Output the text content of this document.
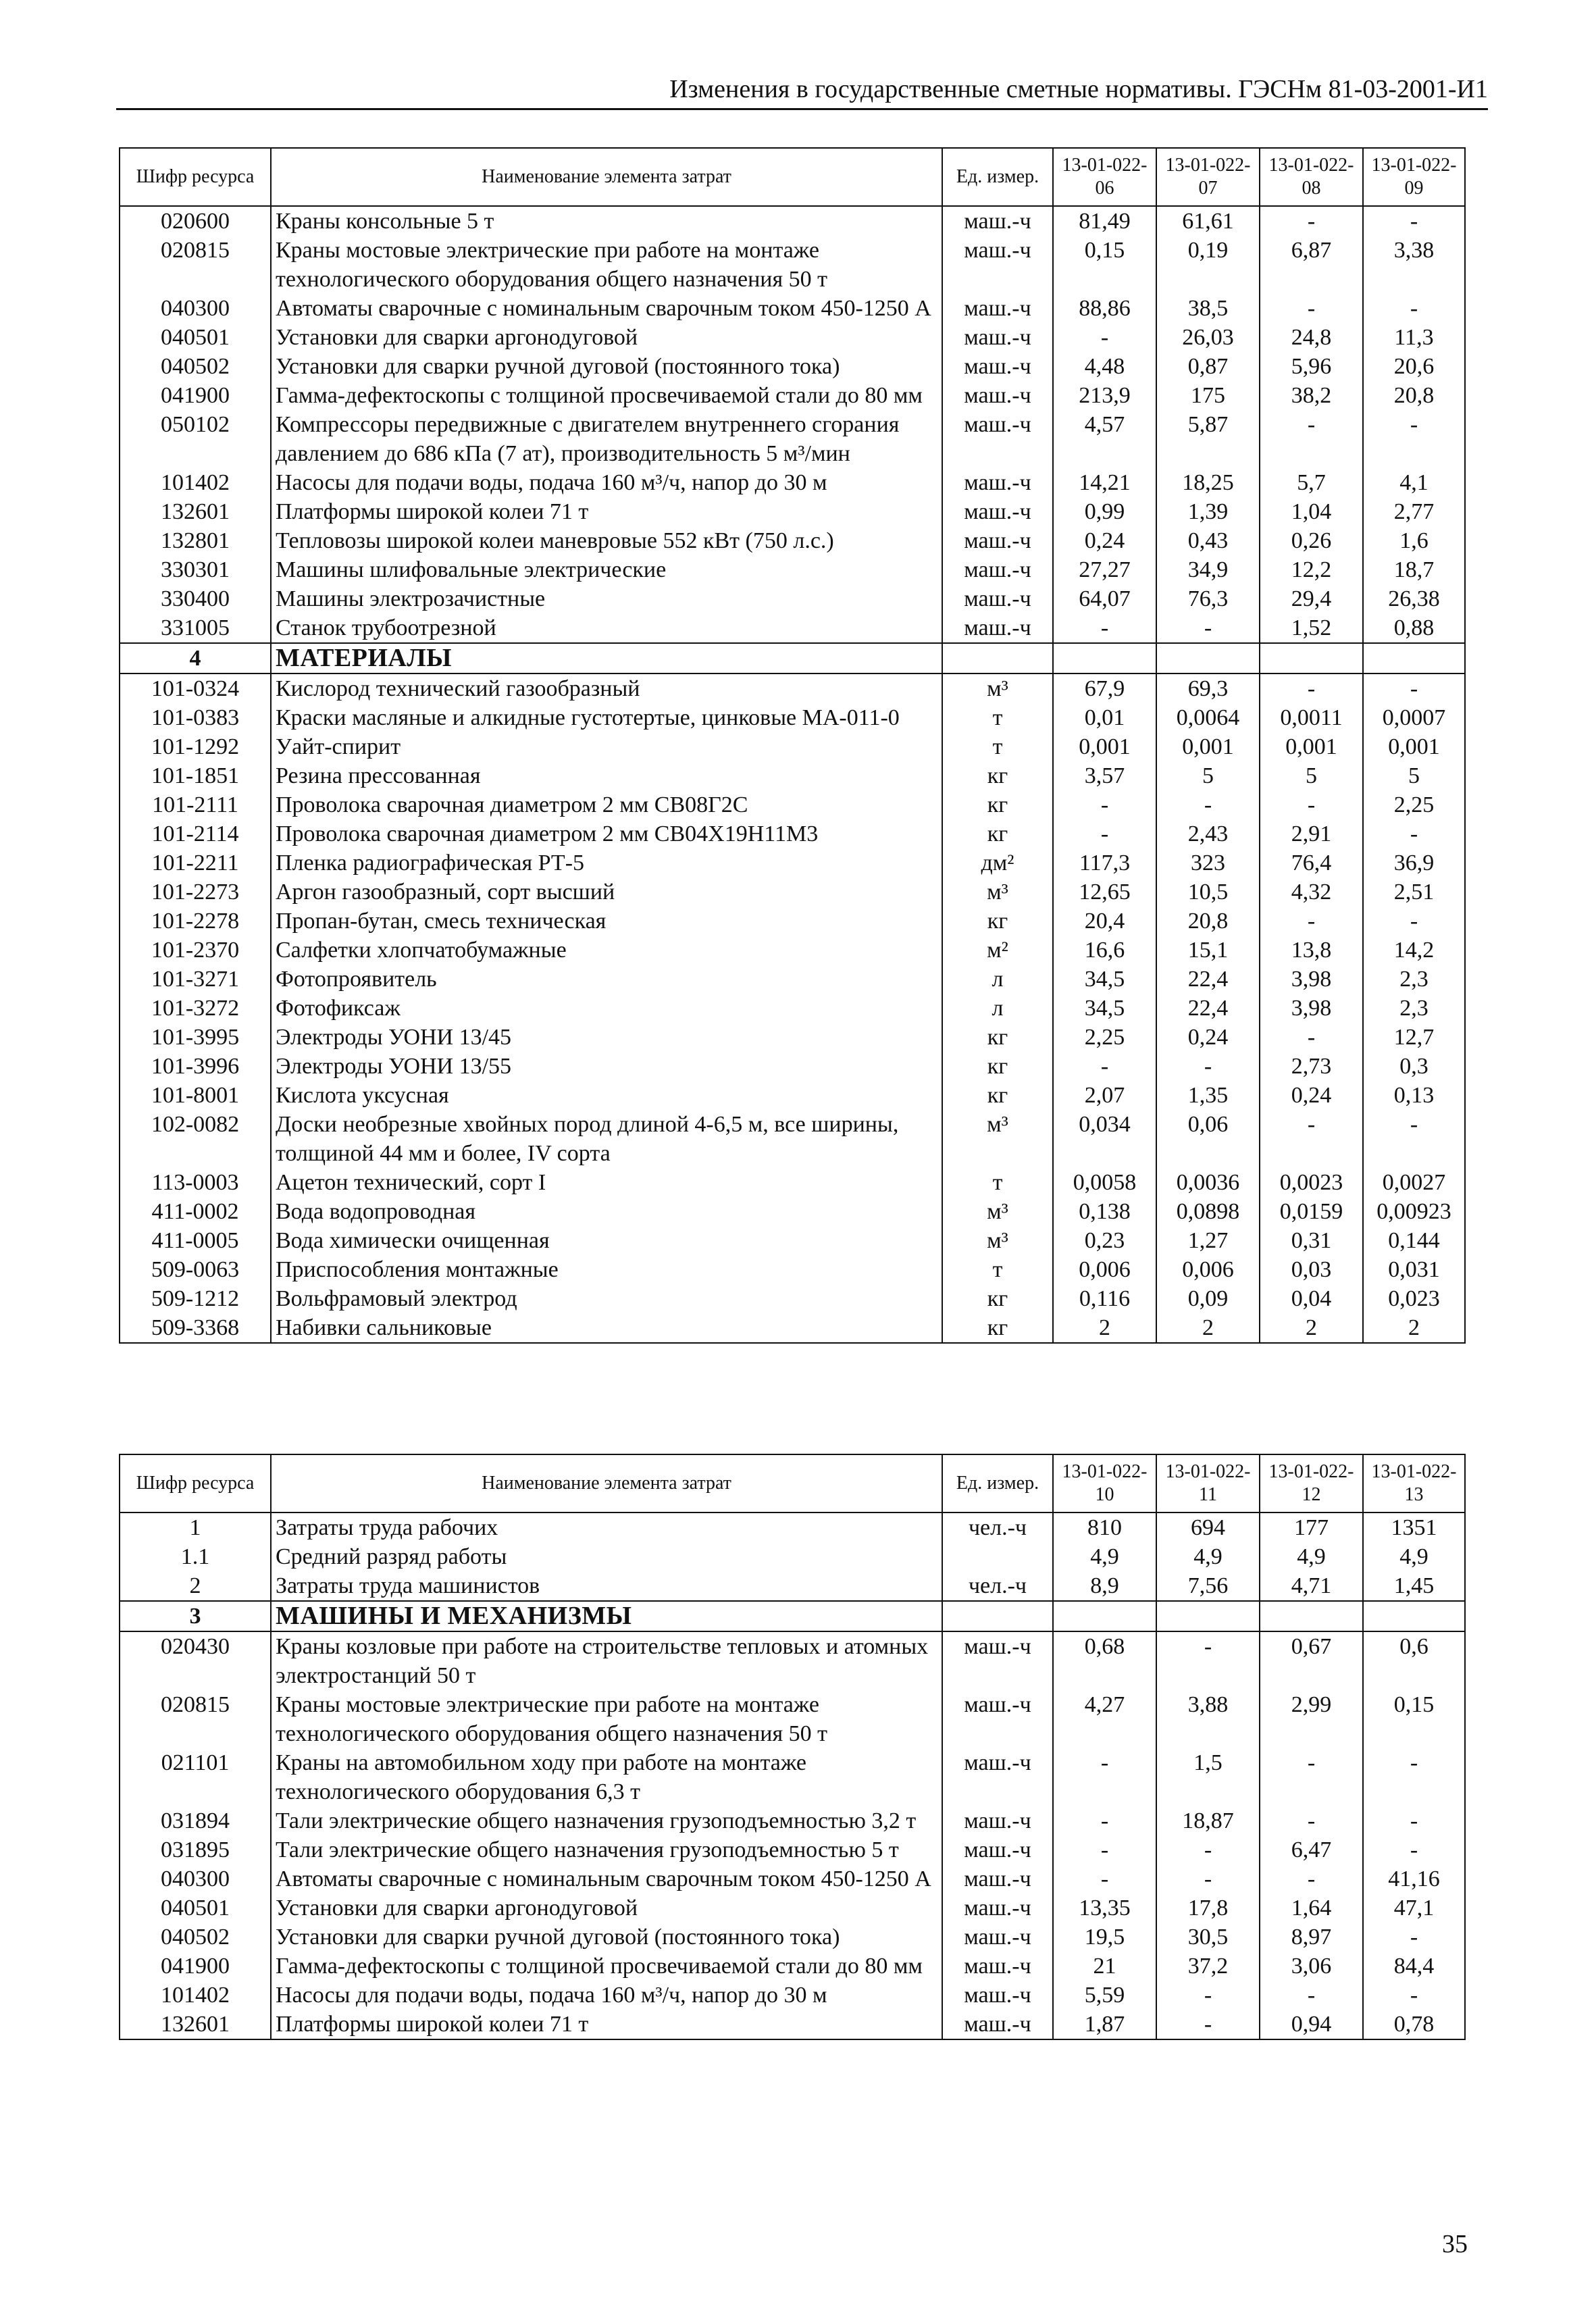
Изменения в государственные сметные нормативы. ГЭСНм 81-03-2001-И1
Шифр ресурса	Наименование элемента затрат	Ед. измер.	13-01-022-06	13-01-022-07	13-01-022-08	13-01-022-09
020600	Краны консольные 5 т	маш.-ч	81,49	61,61	-	-
020815	Краны мостовые электрические при работе на монтаже технологического оборудования общего назначения 50 т	маш.-ч	0,15	0,19	6,87	3,38
040300	Автоматы сварочные с номинальным сварочным током 450-1250 А	маш.-ч	88,86	38,5	-	-
040501	Установки для сварки аргонодуговой	маш.-ч	-	26,03	24,8	11,3
040502	Установки для сварки ручной дуговой (постоянного тока)	маш.-ч	4,48	0,87	5,96	20,6
041900	Гамма-дефектоскопы с толщиной просвечиваемой стали до 80 мм	маш.-ч	213,9	175	38,2	20,8
050102	Компрессоры передвижные с двигателем внутреннего сгорания давлением до 686 кПа (7 ат), производительность 5 м³/мин	маш.-ч	4,57	5,87	-	-
101402	Насосы для подачи воды, подача 160 м³/ч, напор до 30 м	маш.-ч	14,21	18,25	5,7	4,1
132601	Платформы широкой колеи 71 т	маш.-ч	0,99	1,39	1,04	2,77
132801	Тепловозы широкой колеи маневровые 552 кВт (750 л.с.)	маш.-ч	0,24	0,43	0,26	1,6
330301	Машины шлифовальные электрические	маш.-ч	27,27	34,9	12,2	18,7
330400	Машины электрозачистные	маш.-ч	64,07	76,3	29,4	26,38
331005	Станок трубоотрезной	маш.-ч	-	-	1,52	0,88
4	МАТЕРИАЛЫ					
101-0324	Кислород технический газообразный	м³	67,9	69,3	-	-
101-0383	Краски масляные и алкидные густотертые, цинковые МА-011-0	т	0,01	0,0064	0,0011	0,0007
101-1292	Уайт-спирит	т	0,001	0,001	0,001	0,001
101-1851	Резина прессованная	кг	3,57	5	5	5
101-2111	Проволока сварочная диаметром 2 мм СВ08Г2С	кг	-	-	-	2,25
101-2114	Проволока сварочная диаметром 2 мм СВ04Х19Н11М3	кг	-	2,43	2,91	-
101-2211	Пленка радиографическая РТ-5	дм²	117,3	323	76,4	36,9
101-2273	Аргон газообразный, сорт высший	м³	12,65	10,5	4,32	2,51
101-2278	Пропан-бутан, смесь техническая	кг	20,4	20,8	-	-
101-2370	Салфетки хлопчатобумажные	м²	16,6	15,1	13,8	14,2
101-3271	Фотопроявитель	л	34,5	22,4	3,98	2,3
101-3272	Фотофиксаж	л	34,5	22,4	3,98	2,3
101-3995	Электроды УОНИ 13/45	кг	2,25	0,24	-	12,7
101-3996	Электроды УОНИ 13/55	кг	-	-	2,73	0,3
101-8001	Кислота уксусная	кг	2,07	1,35	0,24	0,13
102-0082	Доски необрезные хвойных пород длиной 4-6,5 м, все ширины, толщиной 44 мм и более, IV сорта	м³	0,034	0,06	-	-
113-0003	Ацетон технический, сорт I	т	0,0058	0,0036	0,0023	0,0027
411-0002	Вода водопроводная	м³	0,138	0,0898	0,0159	0,00923
411-0005	Вода химически очищенная	м³	0,23	1,27	0,31	0,144
509-0063	Приспособления монтажные	т	0,006	0,006	0,03	0,031
509-1212	Вольфрамовый электрод	кг	0,116	0,09	0,04	0,023
509-3368	Набивки сальниковые	кг	2	2	2	2
Шифр ресурса	Наименование элемента затрат	Ед. измер.	13-01-022-10	13-01-022-11	13-01-022-12	13-01-022-13
1	Затраты труда рабочих	чел.-ч	810	694	177	1351
1.1	Средний разряд работы		4,9	4,9	4,9	4,9
2	Затраты труда машинистов	чел.-ч	8,9	7,56	4,71	1,45
3	МАШИНЫ И МЕХАНИЗМЫ					
020430	Краны козловые при работе на строительстве тепловых и атомных электростанций 50 т	маш.-ч	0,68	-	0,67	0,6
020815	Краны мостовые электрические при работе на монтаже технологического оборудования общего назначения 50 т	маш.-ч	4,27	3,88	2,99	0,15
021101	Краны на автомобильном ходу при работе на монтаже технологического оборудования 6,3 т	маш.-ч	-	1,5	-	-
031894	Тали электрические общего назначения грузоподъемностью 3,2 т	маш.-ч	-	18,87	-	-
031895	Тали электрические общего назначения грузоподъемностью 5 т	маш.-ч	-	-	6,47	-
040300	Автоматы сварочные с номинальным сварочным током 450-1250 А	маш.-ч	-	-	-	41,16
040501	Установки для сварки аргонодуговой	маш.-ч	13,35	17,8	1,64	47,1
040502	Установки для сварки ручной дуговой (постоянного тока)	маш.-ч	19,5	30,5	8,97	-
041900	Гамма-дефектоскопы с толщиной просвечиваемой стали до 80 мм	маш.-ч	21	37,2	3,06	84,4
101402	Насосы для подачи воды, подача 160 м³/ч, напор до 30 м	маш.-ч	5,59	-	-	-
132601	Платформы широкой колеи 71 т	маш.-ч	1,87	-	0,94	0,78
35
